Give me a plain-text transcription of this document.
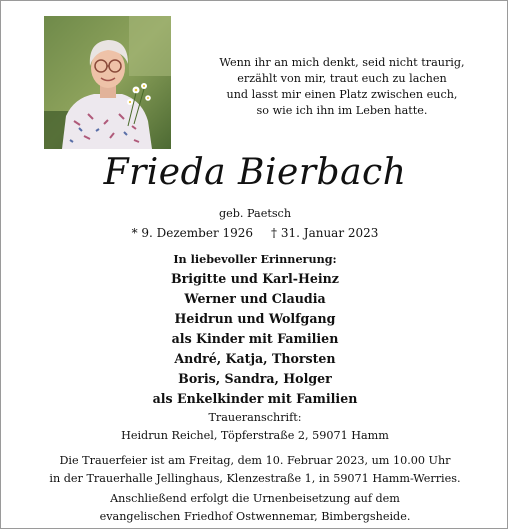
Wenn ihr an mich denkt, seid nicht traurig,
erzählt von mir, traut euch zu lachen
und lasst mir einen Platz zwischen euch,
so wie ich ihn im Leben hatte.
Frieda Bierbach
geb. Paetsch
* 9. Dezember 1926 † 31. Januar 2023
In liebevoller Erinnerung:
Brigitte und Karl-Heinz
Werner und Claudia
Heidrun und Wolfgang
als Kinder mit Familien
André, Katja, Thorsten
Boris, Sandra, Holger
als Enkelkinder mit Familien
Traueranschrift:
Heidrun Reichel, Töpferstraße 2, 59071 Hamm
Die Trauerfeier ist am Freitag, dem 10. Februar 2023, um 10.00 Uhr
in der Trauerhalle Jellinghaus, Klenzestraße 1, in 59071 Hamm-Werries.
Anschließend erfolgt die Urnenbeisetzung auf dem
evangelischen Friedhof Ostwennemar, Bimbergsheide.
